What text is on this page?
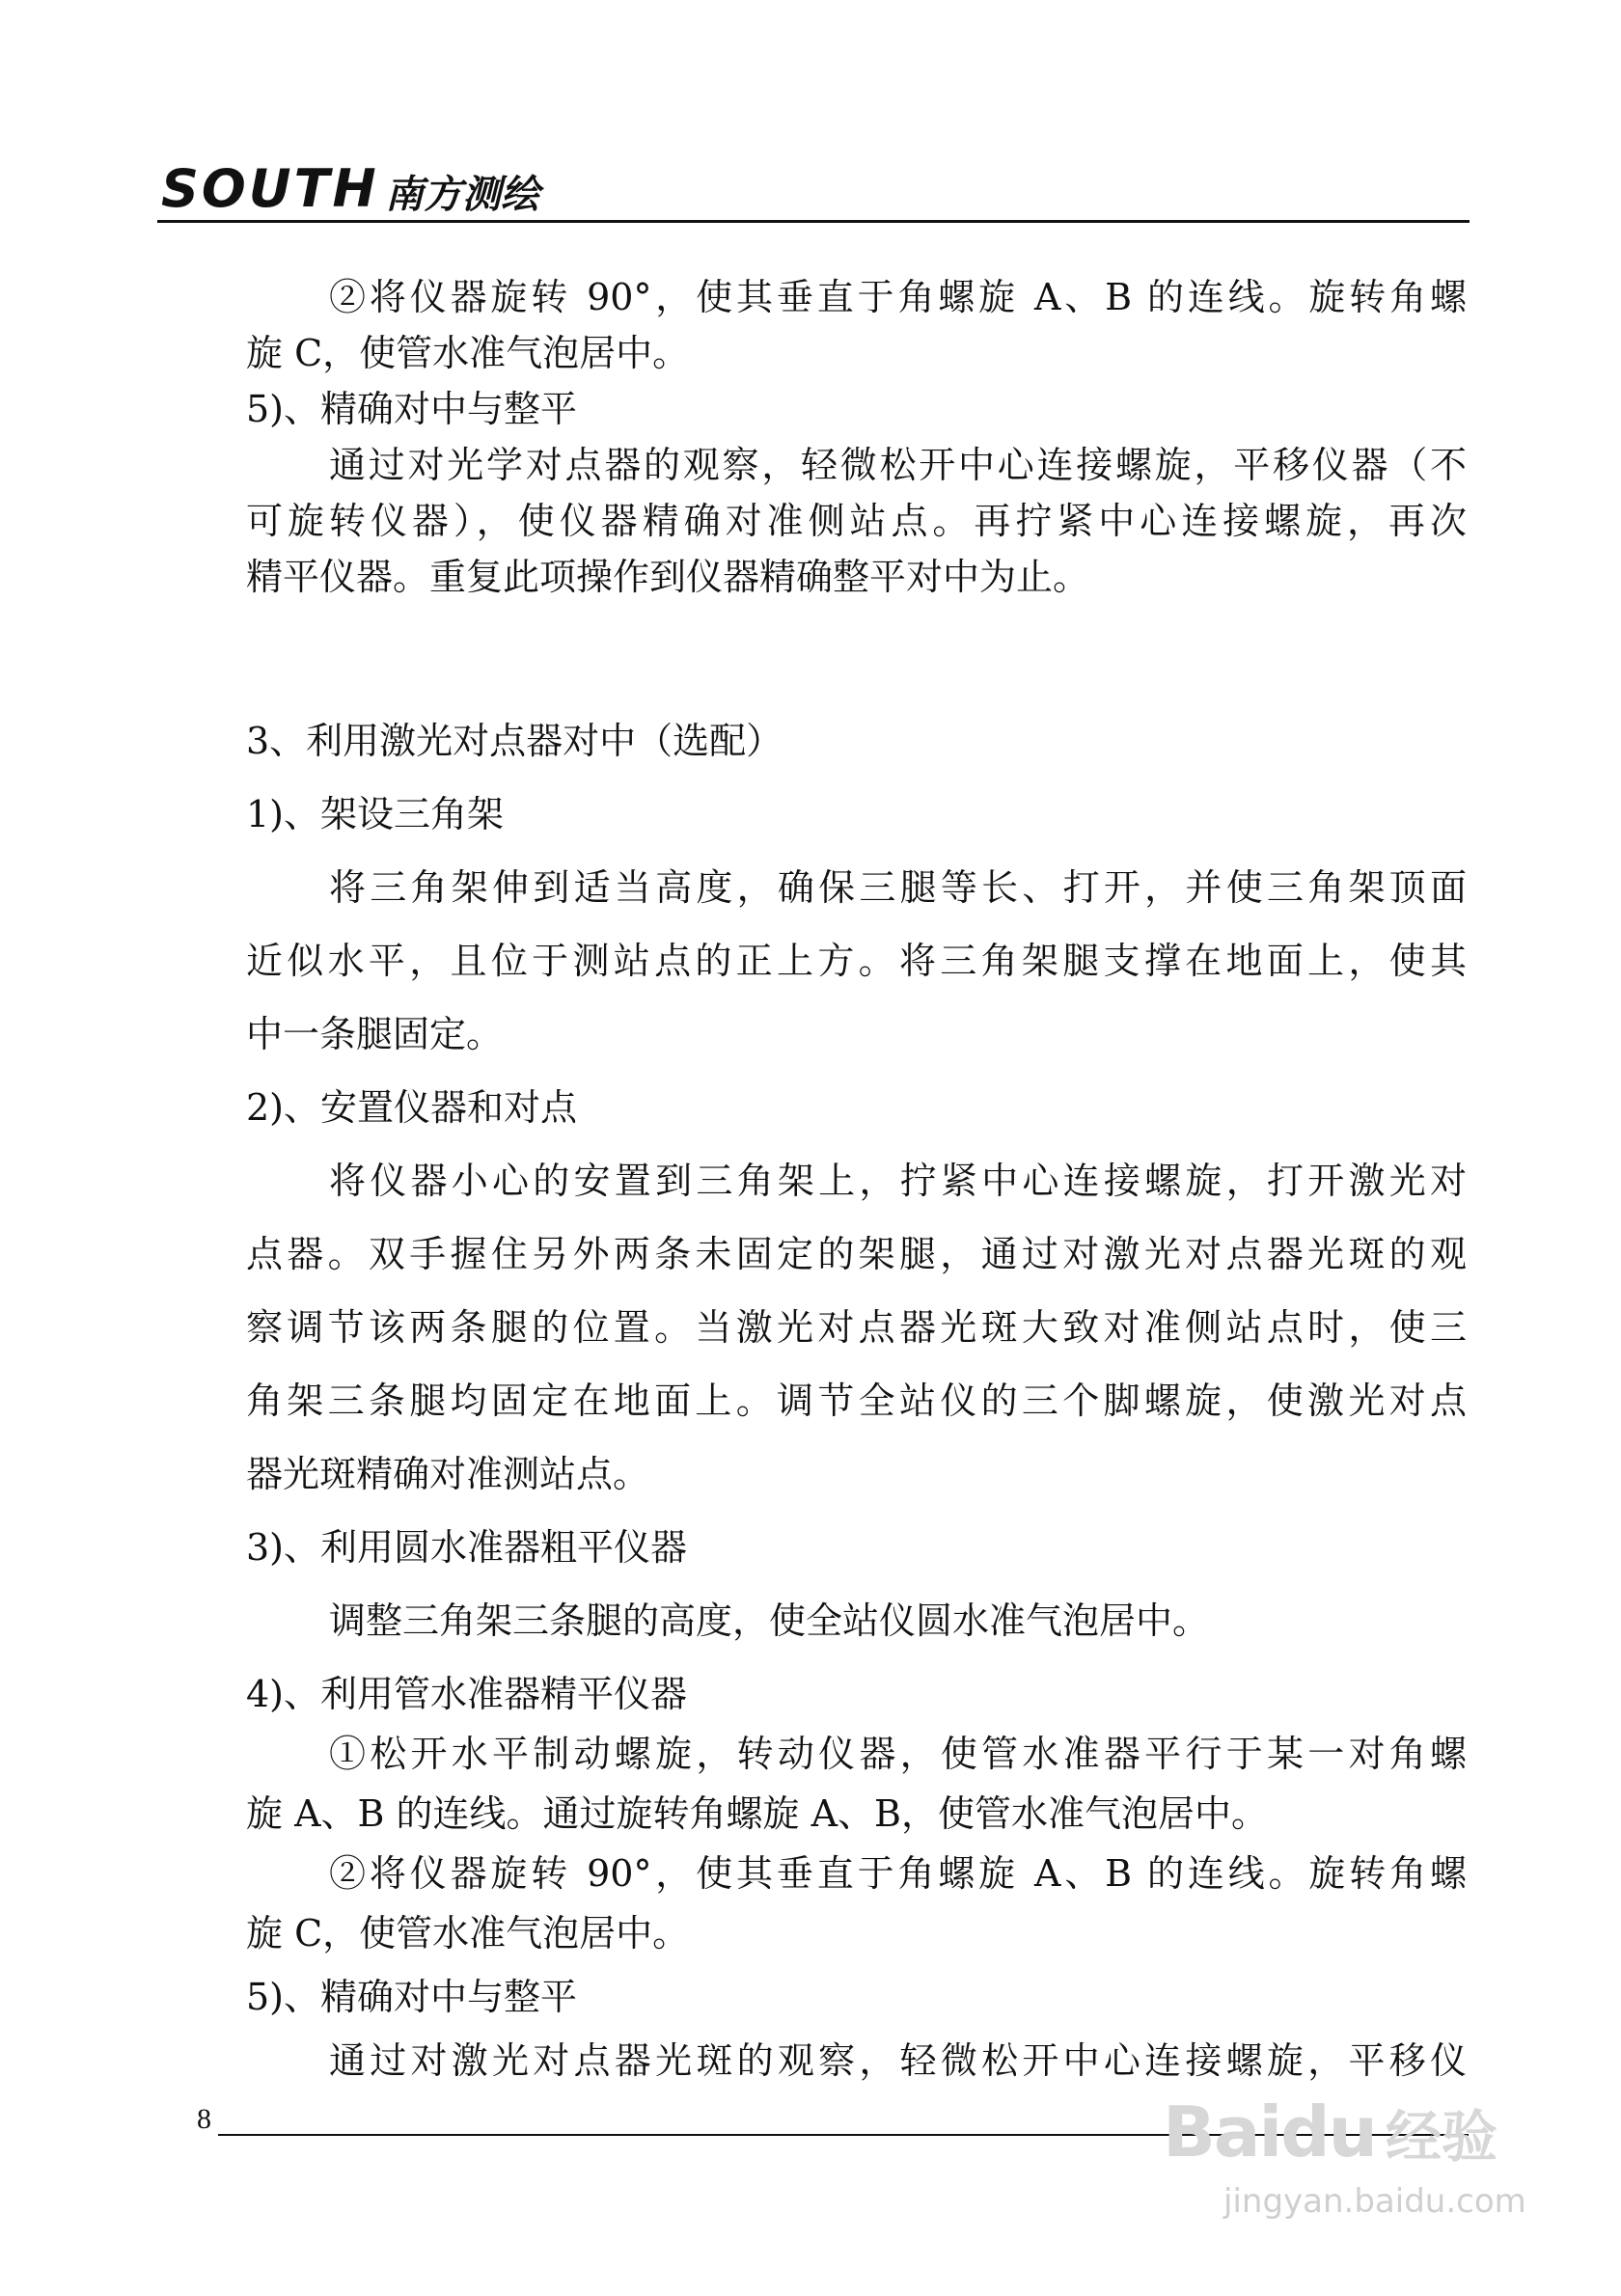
SOUTH 南方测绘

②将仪器旋转 90°，使其垂直于角螺旋 A、B 的连线。旋转角螺

旋 C，使管水准气泡居中。

5)、精确对中与整平

通过对光学对点器的观察，轻微松开中心连接螺旋，平移仪器（不

可旋转仪器），使仪器精确对准侧站点。再拧紧中心连接螺旋，再次

精平仪器。重复此项操作到仪器精确整平对中为止。

3、利用激光对点器对中（选配）

1)、架设三角架

将三角架伸到适当高度，确保三腿等长、打开，并使三角架顶面

近似水平，且位于测站点的正上方。将三角架腿支撑在地面上，使其

中一条腿固定。

2)、安置仪器和对点

将仪器小心的安置到三角架上，拧紧中心连接螺旋，打开激光对

点器。双手握住另外两条未固定的架腿，通过对激光对点器光斑的观

察调节该两条腿的位置。当激光对点器光斑大致对准侧站点时，使三

角架三条腿均固定在地面上。调节全站仪的三个脚螺旋，使激光对点

器光斑精确对准测站点。

3)、利用圆水准器粗平仪器

调整三角架三条腿的高度，使全站仪圆水准气泡居中。

4)、利用管水准器精平仪器

①松开水平制动螺旋，转动仪器，使管水准器平行于某一对角螺

旋 A、B 的连线。通过旋转角螺旋 A、B，使管水准气泡居中。

②将仪器旋转 90°，使其垂直于角螺旋 A、B 的连线。旋转角螺

旋 C，使管水准气泡居中。

5)、精确对中与整平

通过对激光对点器光斑的观察，轻微松开中心连接螺旋，平移仪

8	Baidu 经验
jingyan.baidu.com
